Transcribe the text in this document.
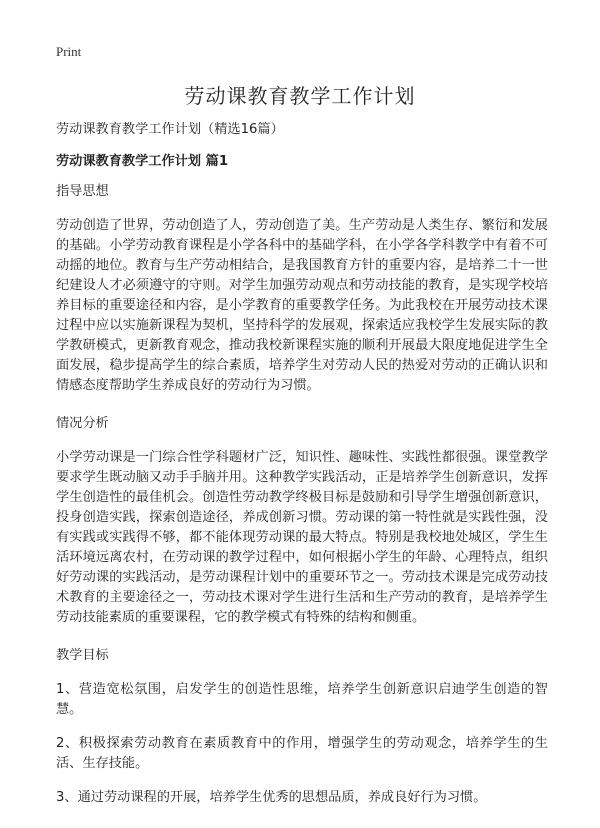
Print
劳动课教育教学工作计划

劳动课教育教学工作计划（精选16篇）

劳动课教育教学工作计划 篇1

指导思想

劳动创造了世界，劳动创造了人，劳动创造了美。生产劳动是人类生存、繁衍和发展的基础。小学劳动教育课程是小学各科中的基础学科，在小学各学科教学中有着不可动摇的地位。教育与生产劳动相结合，是我国教育方针的重要内容，是培养二十一世纪建设人才必须遵守的守则。对学生加强劳动观点和劳动技能的教育，是实现学校培养目标的重要途径和内容，是小学教育的重要教学任务。为此我校在开展劳动技术课过程中应以实施新课程为契机，坚持科学的发展观，探索适应我校学生发展实际的教学教研模式，更新教育观念，推动我校新课程实施的顺利开展最大限度地促进学生全面发展，稳步提高学生的综合素质，培养学生对劳动人民的热爱对劳动的正确认识和情感态度帮助学生养成良好的劳动行为习惯。

情况分析

小学劳动课是一门综合性学科题材广泛，知识性、趣味性、实践性都很强。课堂教学要求学生既动脑又动手手脑并用。这种教学实践活动，正是培养学生创新意识，发挥学生创造性的最佳机会。创造性劳动教学终极目标是鼓励和引导学生增强创新意识，投身创造实践，探索创造途径，养成创新习惯。劳动课的第一特性就是实践性强，没有实践或实践得不够，都不能体现劳动课的最大特点。特别是我校地处城区，学生生活环境远离农村，在劳动课的教学过程中，如何根据小学生的年龄、心理特点，组织好劳动课的实践活动，是劳动课程计划中的重要环节之一。劳动技术课是完成劳动技术教育的主要途径之一，劳动技术课对学生进行生活和生产劳动的教育，是培养学生劳动技能素质的重要课程，它的教学模式有特殊的结构和侧重。

教学目标

1、营造宽松氛围，启发学生的创造性思维，培养学生创新意识启迪学生创造的智慧。

2、积极探索劳动教育在素质教育中的作用，增强学生的劳动观念，培养学生的生活、生存技能。

3、通过劳动课程的开展，培养学生优秀的思想品质，养成良好行为习惯。
